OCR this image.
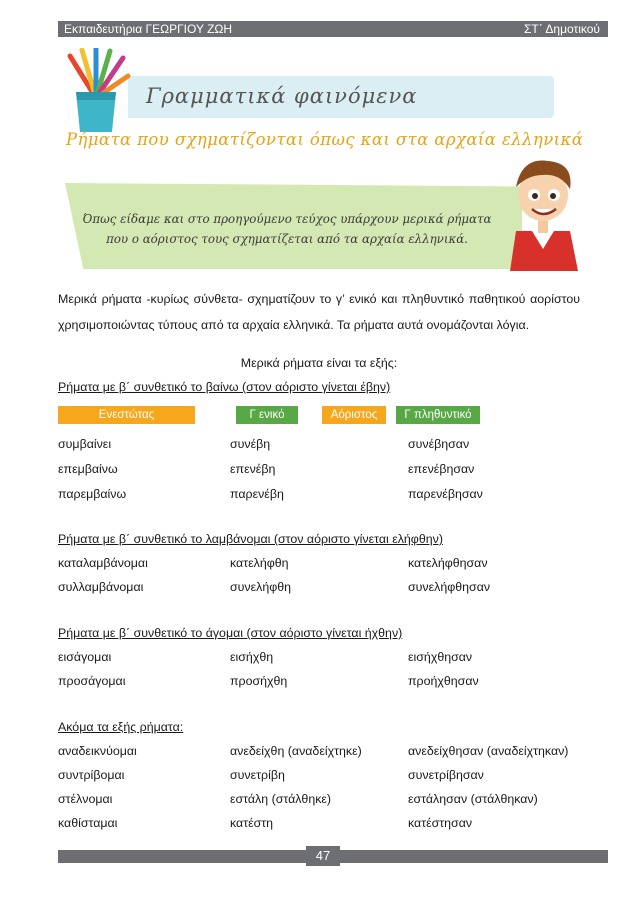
Εκπαιδευτήρια ΓΕΩΡΓΙΟΥ ΖΩΗ	ΣΤ΄ Δημοτικού
Γραμματικά φαινόμενα
Ρήματα που σχηματίζονται όπως και στα αρχαία ελληνικά
Όπως είδαμε και στο προηγούμενο τεύχος υπάρχουν μερικά ρήματα
που ο αόριστος τους σχηματίζεται από τα αρχαία ελληνικά.
Μερικά ρήματα -κυρίως σύνθετα- σχηματίζουν το γ’ ενικό και πληθυντικό παθητικού αορίστου χρησιμοποιώντας τύπους από τα αρχαία ελληνικά. Τα ρήματα αυτά ονομάζονται λόγια.
Μερικά ρήματα είναι τα εξής:
Ρήματα με β΄ συνθετικό το βαίνω (στον αόριστο γίνεται έβην)
Ενεστώτας	Γ ενικό	Αόριστος	Γ πληθυντικό
συμβαίνει	συνέβη	συνέβησαν
επεμβαίνω	επενέβη	επενέβησαν
παρεμβαίνω	παρενέβη	παρενέβησαν
Ρήματα με β΄ συνθετικό το λαμβάνομαι (στον αόριστο γίνεται ελήφθην)
καταλαμβάνομαι	κατελήφθη	κατελήφθησαν
συλλαμβάνομαι	συνελήφθη	συνελήφθησαν
Ρήματα με β΄ συνθετικό το άγομαι (στον αόριστο γίνεται ήχθην)
εισάγομαι	εισήχθη	εισήχθησαν
προσάγομαι	προσήχθη	προήχθησαν
Ακόμα τα εξής ρήματα:
αναδεικνύομαι	ανεδείχθη (αναδείχτηκε)	ανεδείχθησαν (αναδείχτηκαν)
συντρίβομαι	συνετρίβη	συνετρίβησαν
στέλνομαι	εστάλη (στάλθηκε)	εστάλησαν (στάλθηκαν)
καθίσταμαι	κατέστη	κατέστησαν
47
